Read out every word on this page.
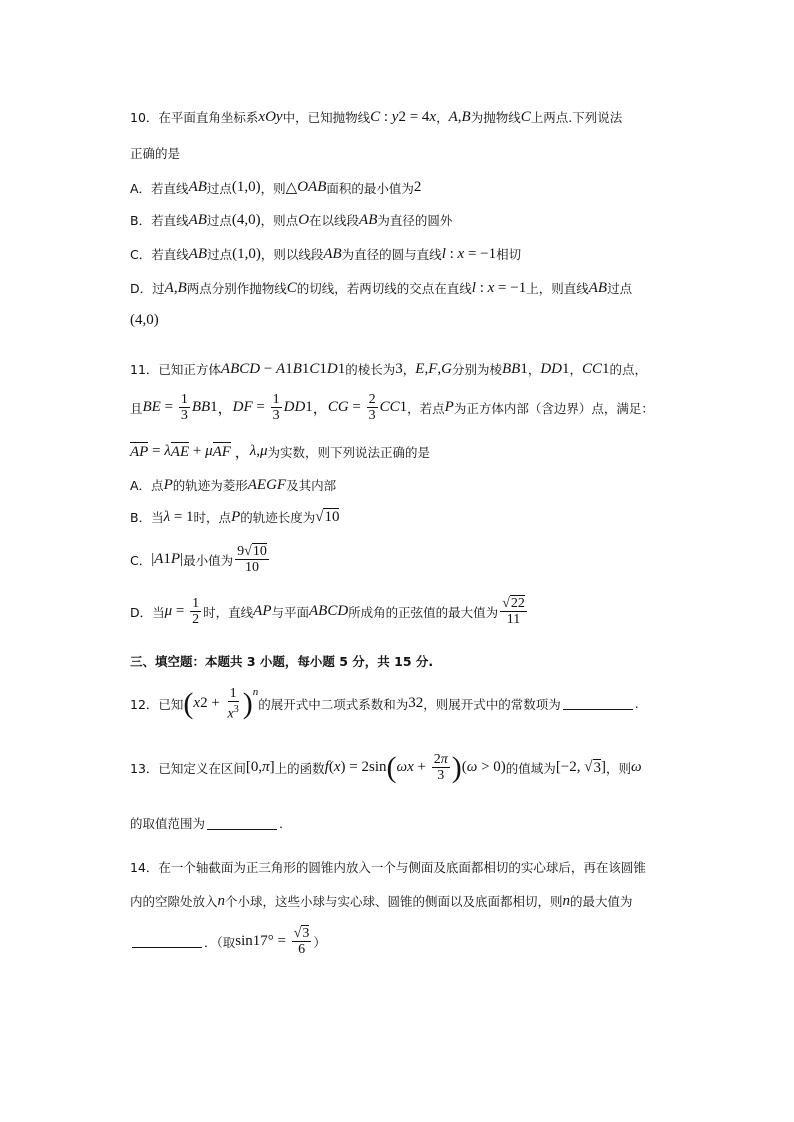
10．在平面直角坐标系 xOy 中，已知抛物线 C : y 2 = 4 x ， A , B 为抛物线 C 上两点.下列说法
正确的是
A．若直线 AB 过点 (1,0) ，则 △ OAB 面积的最小值为 2
B．若直线 AB 过点 (4,0) ，则点 O 在以线段 AB 为直径的圆外
C．若直线 AB 过点 (1,0) ，则以线段 AB 为直径的圆与直线 l : x = −1 相切
D．过 A , B 两点分别作抛物线 C 的切线，若两切线的交点在直线 l : x = −1 上，则直线 AB 过点
(4,0)
11．已知正方体 ABCD − A 1 B 1 C 1 D 1 的棱长为 3 ， E , F , G 分别为棱 BB 1 ， DD 1 ， CC 1 的点，
且 BE = $\frac{1}{3}$ BB 1 ， DF = $\frac{1}{3}$ DD 1 ， CG = $\frac{2}{3}$ CC 1 ，若点 P 为正方体内部（含边界）点，满足：
AP = λ AE + μ AF ， λ , μ 为实数，则下列说法正确的是
A．点 P 的轨迹为菱形 AEGF 及其内部
B．当 λ = 1 时，点 P 的轨迹长度为 √ 10
C． | A 1 P | 最小值为 $\frac{9√10}{10}$
D．当 $\mu = \frac{1}{2}$ 时，直线 AP 与平面 ABCD 所成角的正弦值的最大值为 $\frac{√22}{11}$
三、填空题：本题共 3 小题，每小题 5 分，共 15 分.
12．已知 ( x $2 + \frac{1}{x^3}$ ) n
的展开式中二项式系数和为 32 ，则展开式中的常数项为	.
13．已知定义在区间 [0, π ] 上的函数 f ( x ) = 2sin ( $\omega x + \frac{2\pi}{3}$ ) ( ω > 0) 的值域为 [−2, √ 3 ] ，则 ω
的取值范围为	.
14．在一个轴截面为正三角形的圆锥内放入一个与侧面及底面都相切的实心球后，再在该圆锥
内的空隙处放入 n 个小球，这些小球与实心球、圆锥的侧面以及底面都相切，则 n 的最大值为
．（取 $\sin 17^\circ = \frac{√3}{6}$ ）
